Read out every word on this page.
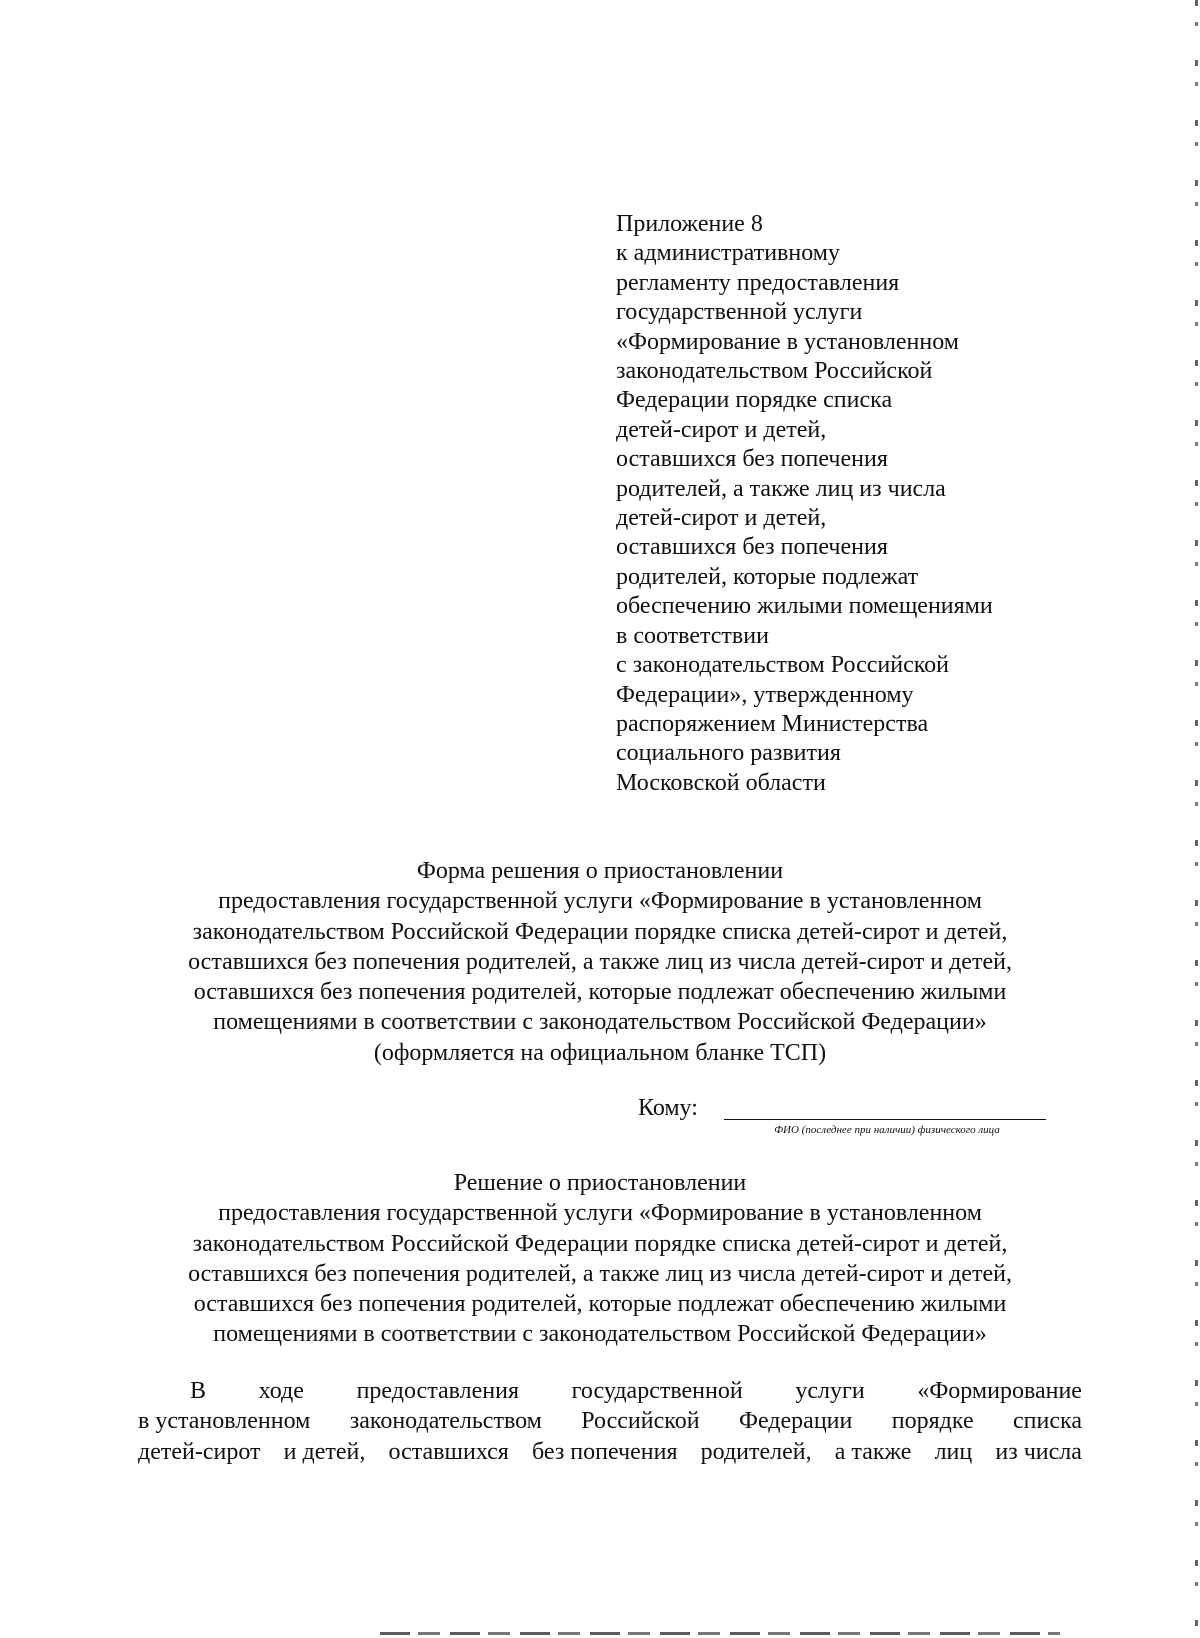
Приложение 8
к административному
регламенту предоставления
государственной услуги
«Формирование в установленном
законодательством Российской
Федерации порядке списка
детей-сирот и детей,
оставшихся без попечения
родителей, а также лиц из числа
детей-сирот и детей,
оставшихся без попечения
родителей, которые подлежат
обеспечению жилыми помещениями
в соответствии
с законодательством Российской
Федерации», утвержденному
распоряжением Министерства
социального развития
Московской области
Форма решения о приостановлении
предоставления государственной услуги «Формирование в установленном
законодательством Российской Федерации порядке списка детей-сирот и детей,
оставшихся без попечения родителей, а также лиц из числа детей-сирот и детей,
оставшихся без попечения родителей, которые подлежат обеспечению жилыми
помещениями в соответствии с законодательством Российской Федерации»
(оформляется на официальном бланке ТСП)
Кому:
ФИО (последнее при наличии) физического лица
Решение о приостановлении
предоставления государственной услуги «Формирование в установленном
законодательством Российской Федерации порядке списка детей-сирот и детей,
оставшихся без попечения родителей, а также лиц из числа детей-сирот и детей,
оставшихся без попечения родителей, которые подлежат обеспечению жилыми
помещениями в соответствии с законодательством Российской Федерации»
В ходе предоставления государственной услуги «Формирование
в установленном законодательством Российской Федерации порядке списка
детей-сирот и детей, оставшихся без попечения родителей, а также лиц из числа
